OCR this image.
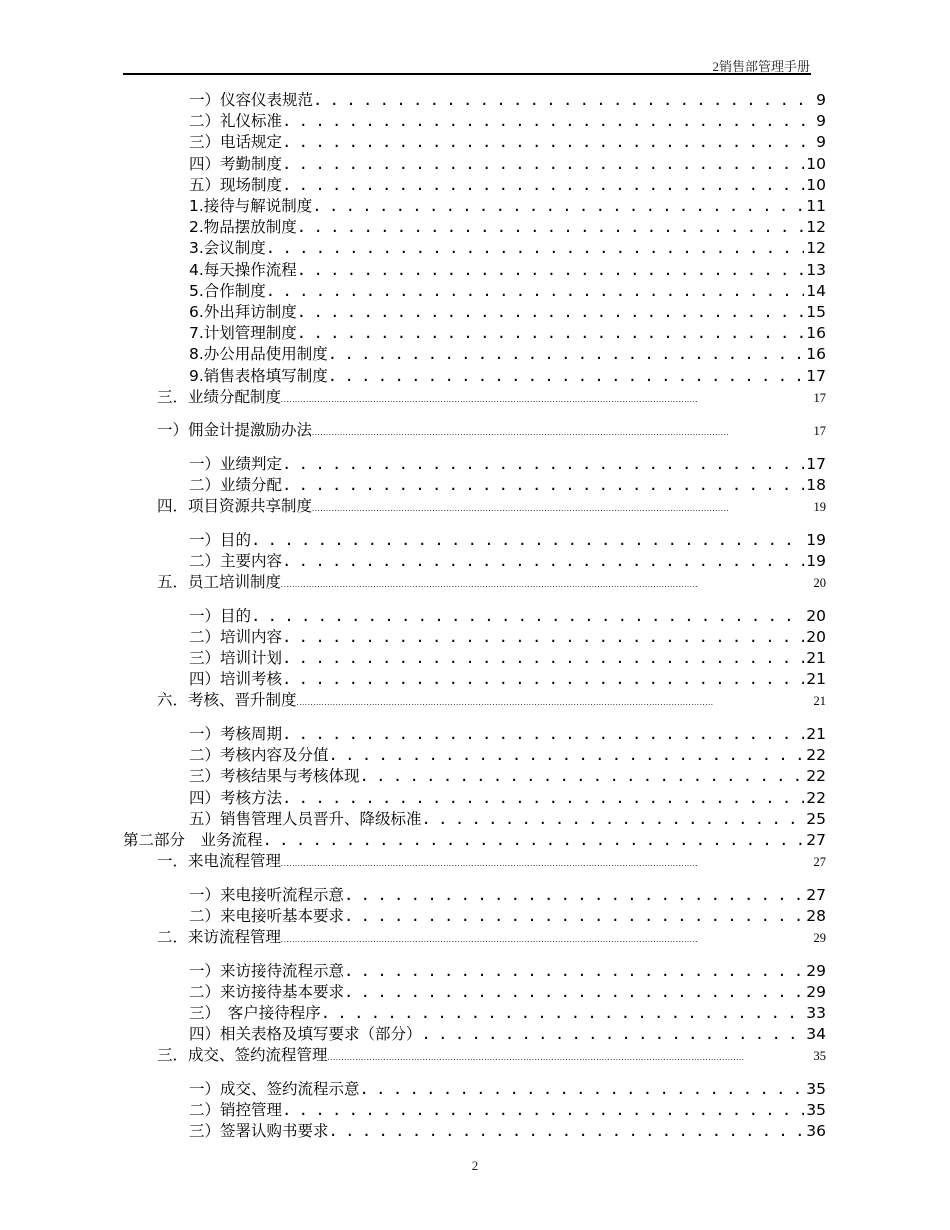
2销售部管理手册
一）仪容仪表规范 . . .	9
二）礼仪标准 . . .	9
三）电话规定 . . .	9
四）考勤制度 . . .	10
五）现场制度 . . .	10
1.接待与解说制度 . . .	11
2.物品摆放制度 . . .	12
3.会议制度 . . .	12
4.每天操作流程 . . .	13
5.合作制度 . . .	14
6.外出拜访制度 . . .	15
7.计划管理制度 . . .	16
8.办公用品使用制度 . . .	16
9.销售表格填写制度 . . .	17
三．业绩分配制度 . . .	17
一）佣金计提激励办法 . . .	17
一）业绩判定 . . .	17
二）业绩分配 . . .	18
四．项目资源共享制度 . . .	19
一）目的 . . .	19
二）主要内容 . . .	19
五．员工培训制度 . . .	20
一）目的 . . .	20
二）培训内容 . . .	20
三）培训计划 . . .	21
四）培训考核 . . .	21
六．考核、晋升制度 . . .	21
一）考核周期 . . .	21
二）考核内容及分值 . . .	22
三）考核结果与考核体现 . . .	22
四）考核方法 . . .	22
五）销售管理人员晋升、降级标准 . . .	25
第二部分　业务流程 . . .	27
一．来电流程管理 . . .	27
一）来电接听流程示意 . . .	27
二）来电接听基本要求 . . .	28
二．来访流程管理 . . .	29
一）来访接待流程示意 . . .	29
二）来访接待基本要求 . . .	29
三）　客户接待程序 . . .	33
四）相关表格及填写要求（部分） . . .	34
三．成交、签约流程管理 . . .	35
一）成交、签约流程示意 . . .	35
二）销控管理 . . .	35
三）签署认购书要求 . . .	36
2
